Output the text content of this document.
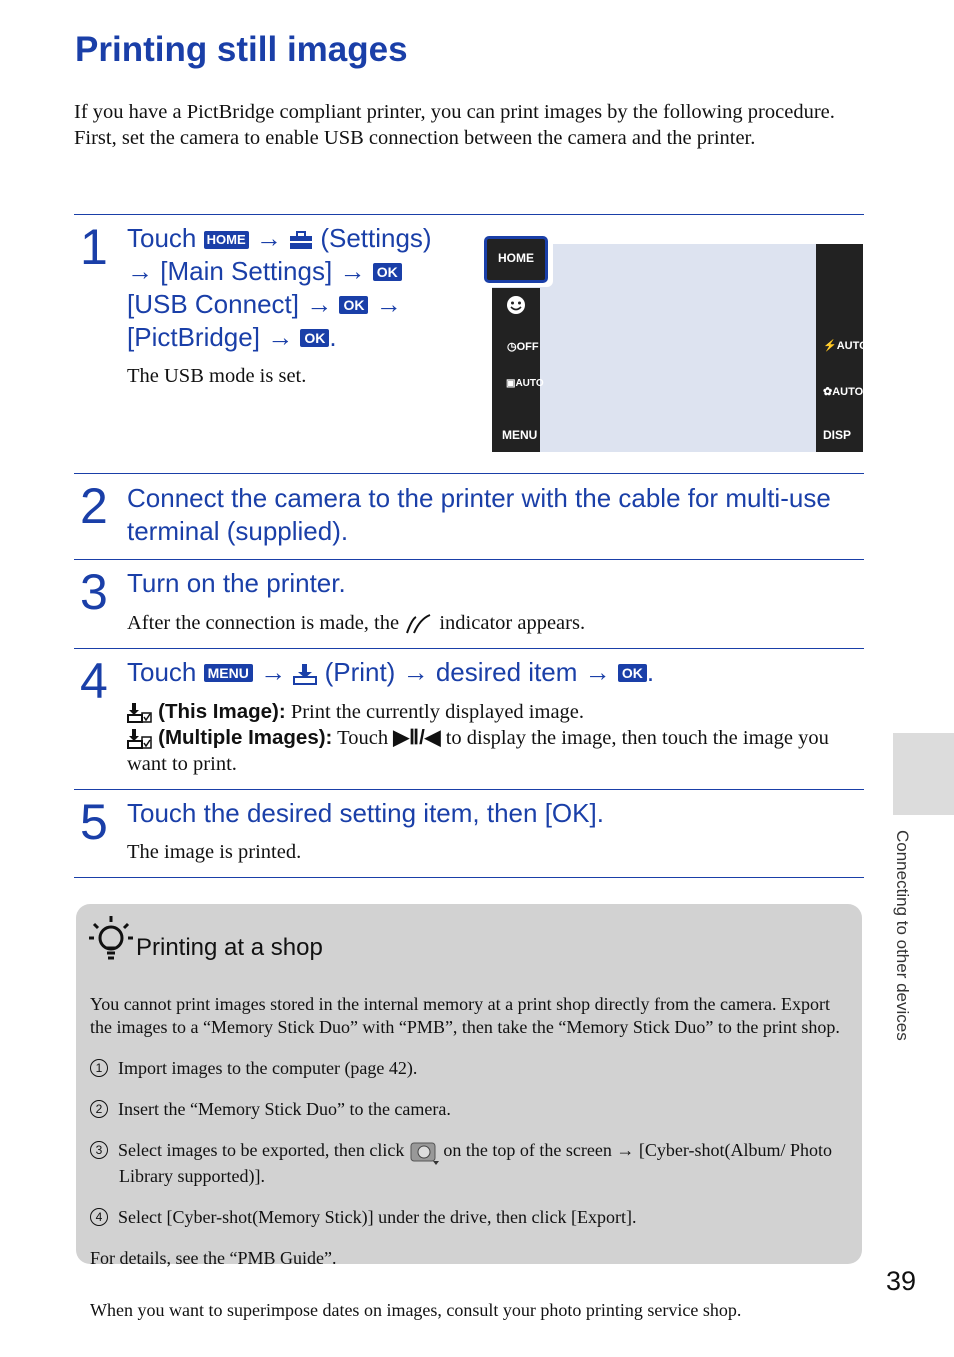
Printing still images
If you have a PictBridge compliant printer, you can print images by the following procedure.
First, set the camera to enable USB connection between the camera and the printer.
1 Touch HOME → (Settings)
→ [Main Settings] → OK
[USB Connect] → OK →
[PictBridge] → OK .
The USB mode is set.
HOME
◷OFF
▣AUTO
MENU
⚡AUTO
✿AUTO
DISP
2 Connect the camera to the printer with the cable for multi-use terminal (supplied).
3 Turn on the printer.
After the connection is made, the indicator appears.
4 Touch MENU → (Print) → desired item → OK .
(This Image): Print the currently displayed image.
(Multiple Images): Touch ▶Ⅱ/◀ to display the image, then touch the image you want to print.
5 Touch the desired setting item, then [OK].
The image is printed.
Printing at a shop

You cannot print images stored in the internal memory at a print shop directly from the camera. Export the images to a “Memory Stick Duo” with “PMB”, then take the “Memory Stick Duo” to the print shop.

1 Import images to the computer (page 42).

2 Insert the “Memory Stick Duo” to the camera.

3 Select images to be exported, then click on the top of the screen → [Cyber-shot(Album/ Photo Library supported)].

4 Select [Cyber-shot(Memory Stick)] under the drive, then click [Export].

For details, see the “PMB Guide”.

When you want to superimpose dates on images, consult your photo printing service shop.

Connecting to other devices
39
